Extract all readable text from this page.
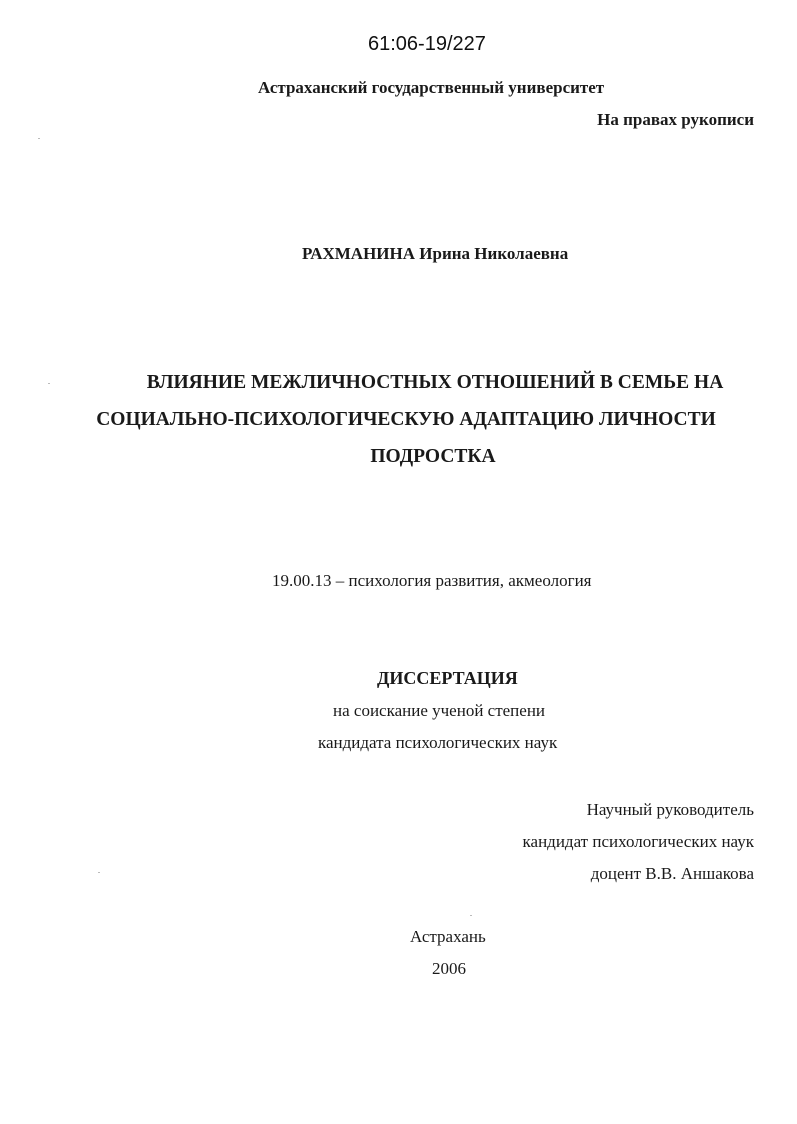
61:06-19/227
Астраханский государственный университет
На правах рукописи
РАХМАНИНА Ирина Николаевна
ВЛИЯНИЕ МЕЖЛИЧНОСТНЫХ ОТНОШЕНИЙ В СЕМЬЕ НА
СОЦИАЛЬНО-ПСИХОЛОГИЧЕСКУЮ АДАПТАЦИЮ ЛИЧНОСТИ
ПОДРОСТКА
19.00.13 – психология развития, акмеология
ДИССЕРТАЦИЯ
на соискание ученой степени
кандидата психологических наук
Научный руководитель
кандидат психологических наук
доцент В.В. Аншакова
Астрахань
2006
